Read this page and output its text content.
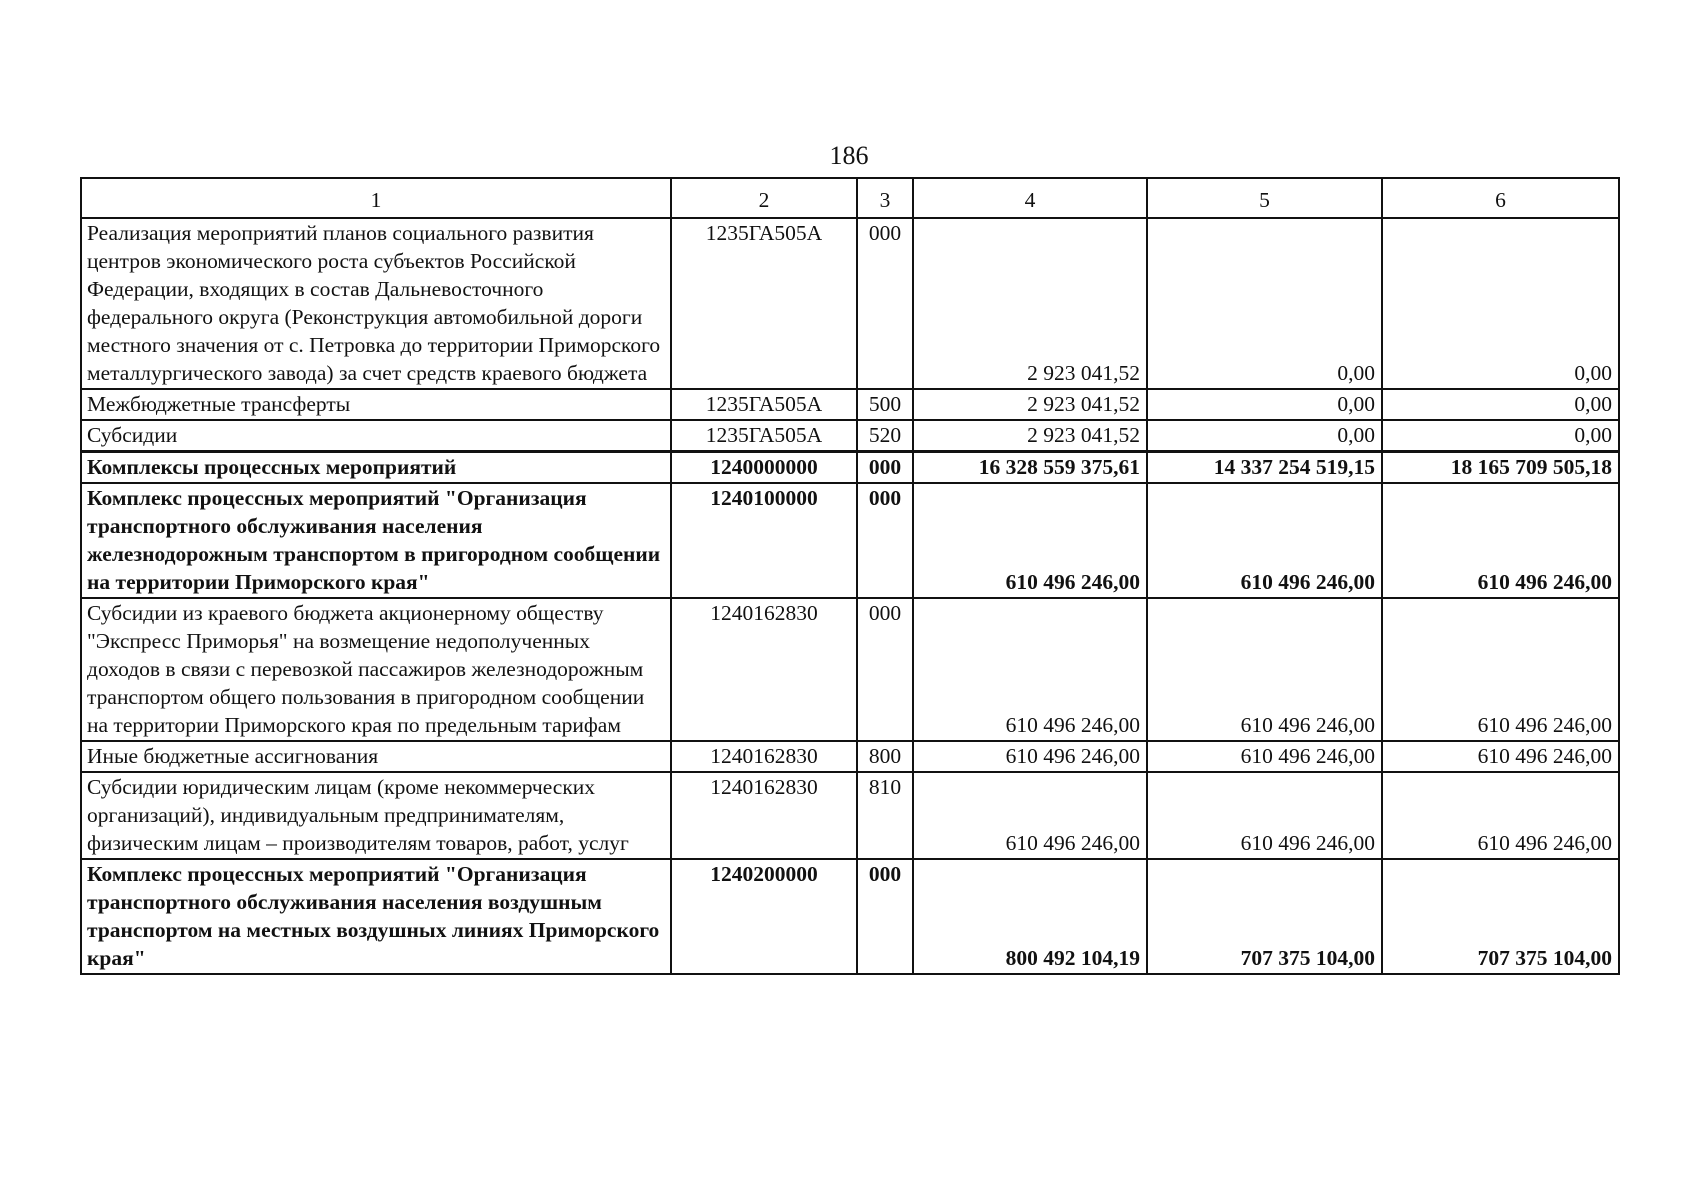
186
1	2	3	4	5	6
Реализация мероприятий планов социального развития центров экономического роста субъектов Российской Федерации, входящих в состав Дальневосточного федерального округа (Реконструкция автомобильной дороги местного значения от с. Петровка до территории Приморского металлургического завода) за счет средств краевого бюджета	1235ГА505А	000	2 923 041,52	0,00	0,00
Межбюджетные трансферты	1235ГА505А	500	2 923 041,52	0,00	0,00
Субсидии	1235ГА505А	520	2 923 041,52	0,00	0,00
Комплексы процессных мероприятий	1240000000	000	16 328 559 375,61	14 337 254 519,15	18 165 709 505,18
Комплекс процессных мероприятий "Организация транспортного обслуживания населения железнодорожным транспортом в пригородном сообщении на территории Приморского края"	1240100000	000	610 496 246,00	610 496 246,00	610 496 246,00
Субсидии из краевого бюджета акционерному обществу "Экспресс Приморья" на возмещение недополученных доходов в связи с перевозкой пассажиров железнодорожным транспортом общего пользования в пригородном сообщении на территории Приморского края по предельным тарифам	1240162830	000	610 496 246,00	610 496 246,00	610 496 246,00
Иные бюджетные ассигнования	1240162830	800	610 496 246,00	610 496 246,00	610 496 246,00
Субсидии юридическим лицам (кроме некоммерческих организаций), индивидуальным предпринимателям, физическим лицам – производителям товаров, работ, услуг	1240162830	810	610 496 246,00	610 496 246,00	610 496 246,00
Комплекс процессных мероприятий "Организация транспортного обслуживания населения воздушным транспортом на местных воздушных линиях Приморского края"	1240200000	000	800 492 104,19	707 375 104,00	707 375 104,00
